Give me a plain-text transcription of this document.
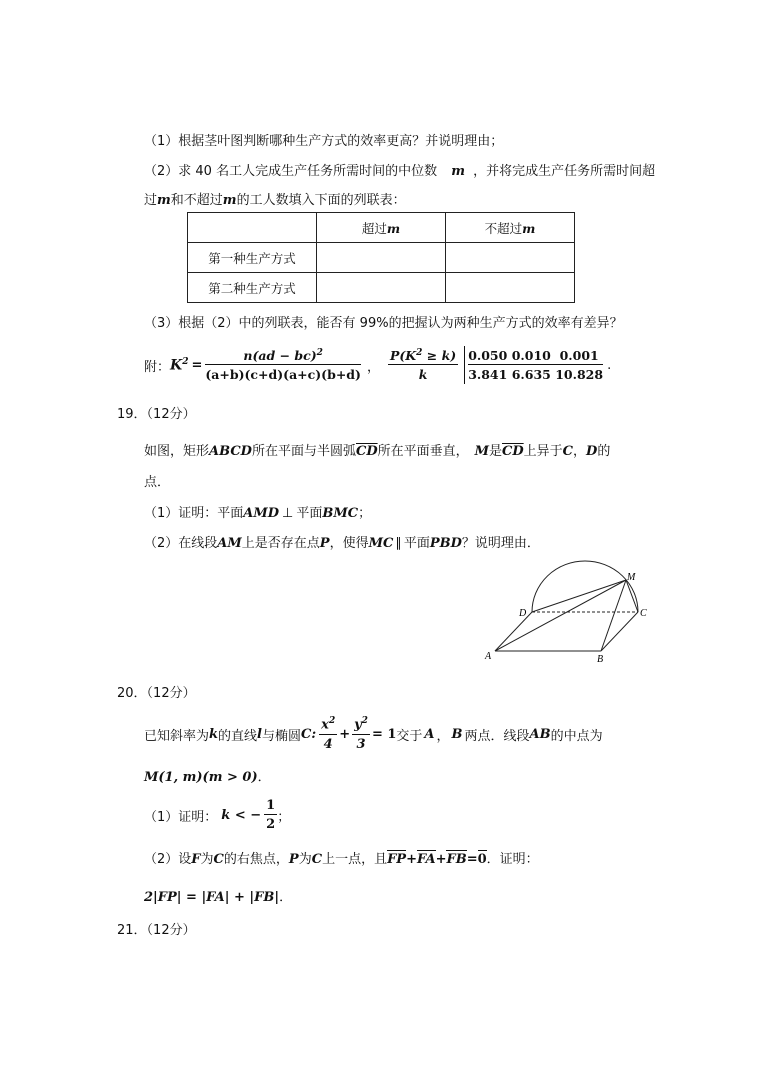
（1）根据茎叶图判断哪种生产方式的效率更高？并说明理由；
（2）求 40 名工人完成生产任务所需时间的中位数 m ，并将完成生产任务所需时间超
过m和不超过m的工人数填入下面的列联表：
	超过m	不超过m
第一种生产方式		
第二种生产方式		
（3）根据（2）中的列联表，能否有 99%的把握认为两种生产方式的效率有差异？
附： $K^2 = \frac{n(ad - bc)^2}{(a+b)(c+d)(a+c)(b+d)}$ ， $\frac{P(K^2 \ge k)}{k} 0.050$ 0.010 0.001
3.841 6.635 10.828
.
19．（12分）
如图，矩形ABCD所在平面与半圆弧$\overline{CD}$所在平面垂直， M是$\overline{CD}$上异于C，D的
点．
（1）证明：平面AMD ⊥ 平面BMC；
（2）在线段AM上是否存在点P，使得MC ∥ 平面PBD？说明理由．
M
D	C
A	B
20．（12分）
已知斜率为 k 的直线 l 与椭圆 C: $\frac{x^2}{4} + \frac{y^2}{3} = 1$ 交于 A ， B 两点．线段 AB 的中点为
M(1, m)(m > 0)．
（1）证明： k < − $\frac{1}{2}$ ；
（2）设F为C的右焦点，P为C上一点，且FP+FA+FB=0．证明：
2|FP| = |FA| + |FB|．
21．（12分）
